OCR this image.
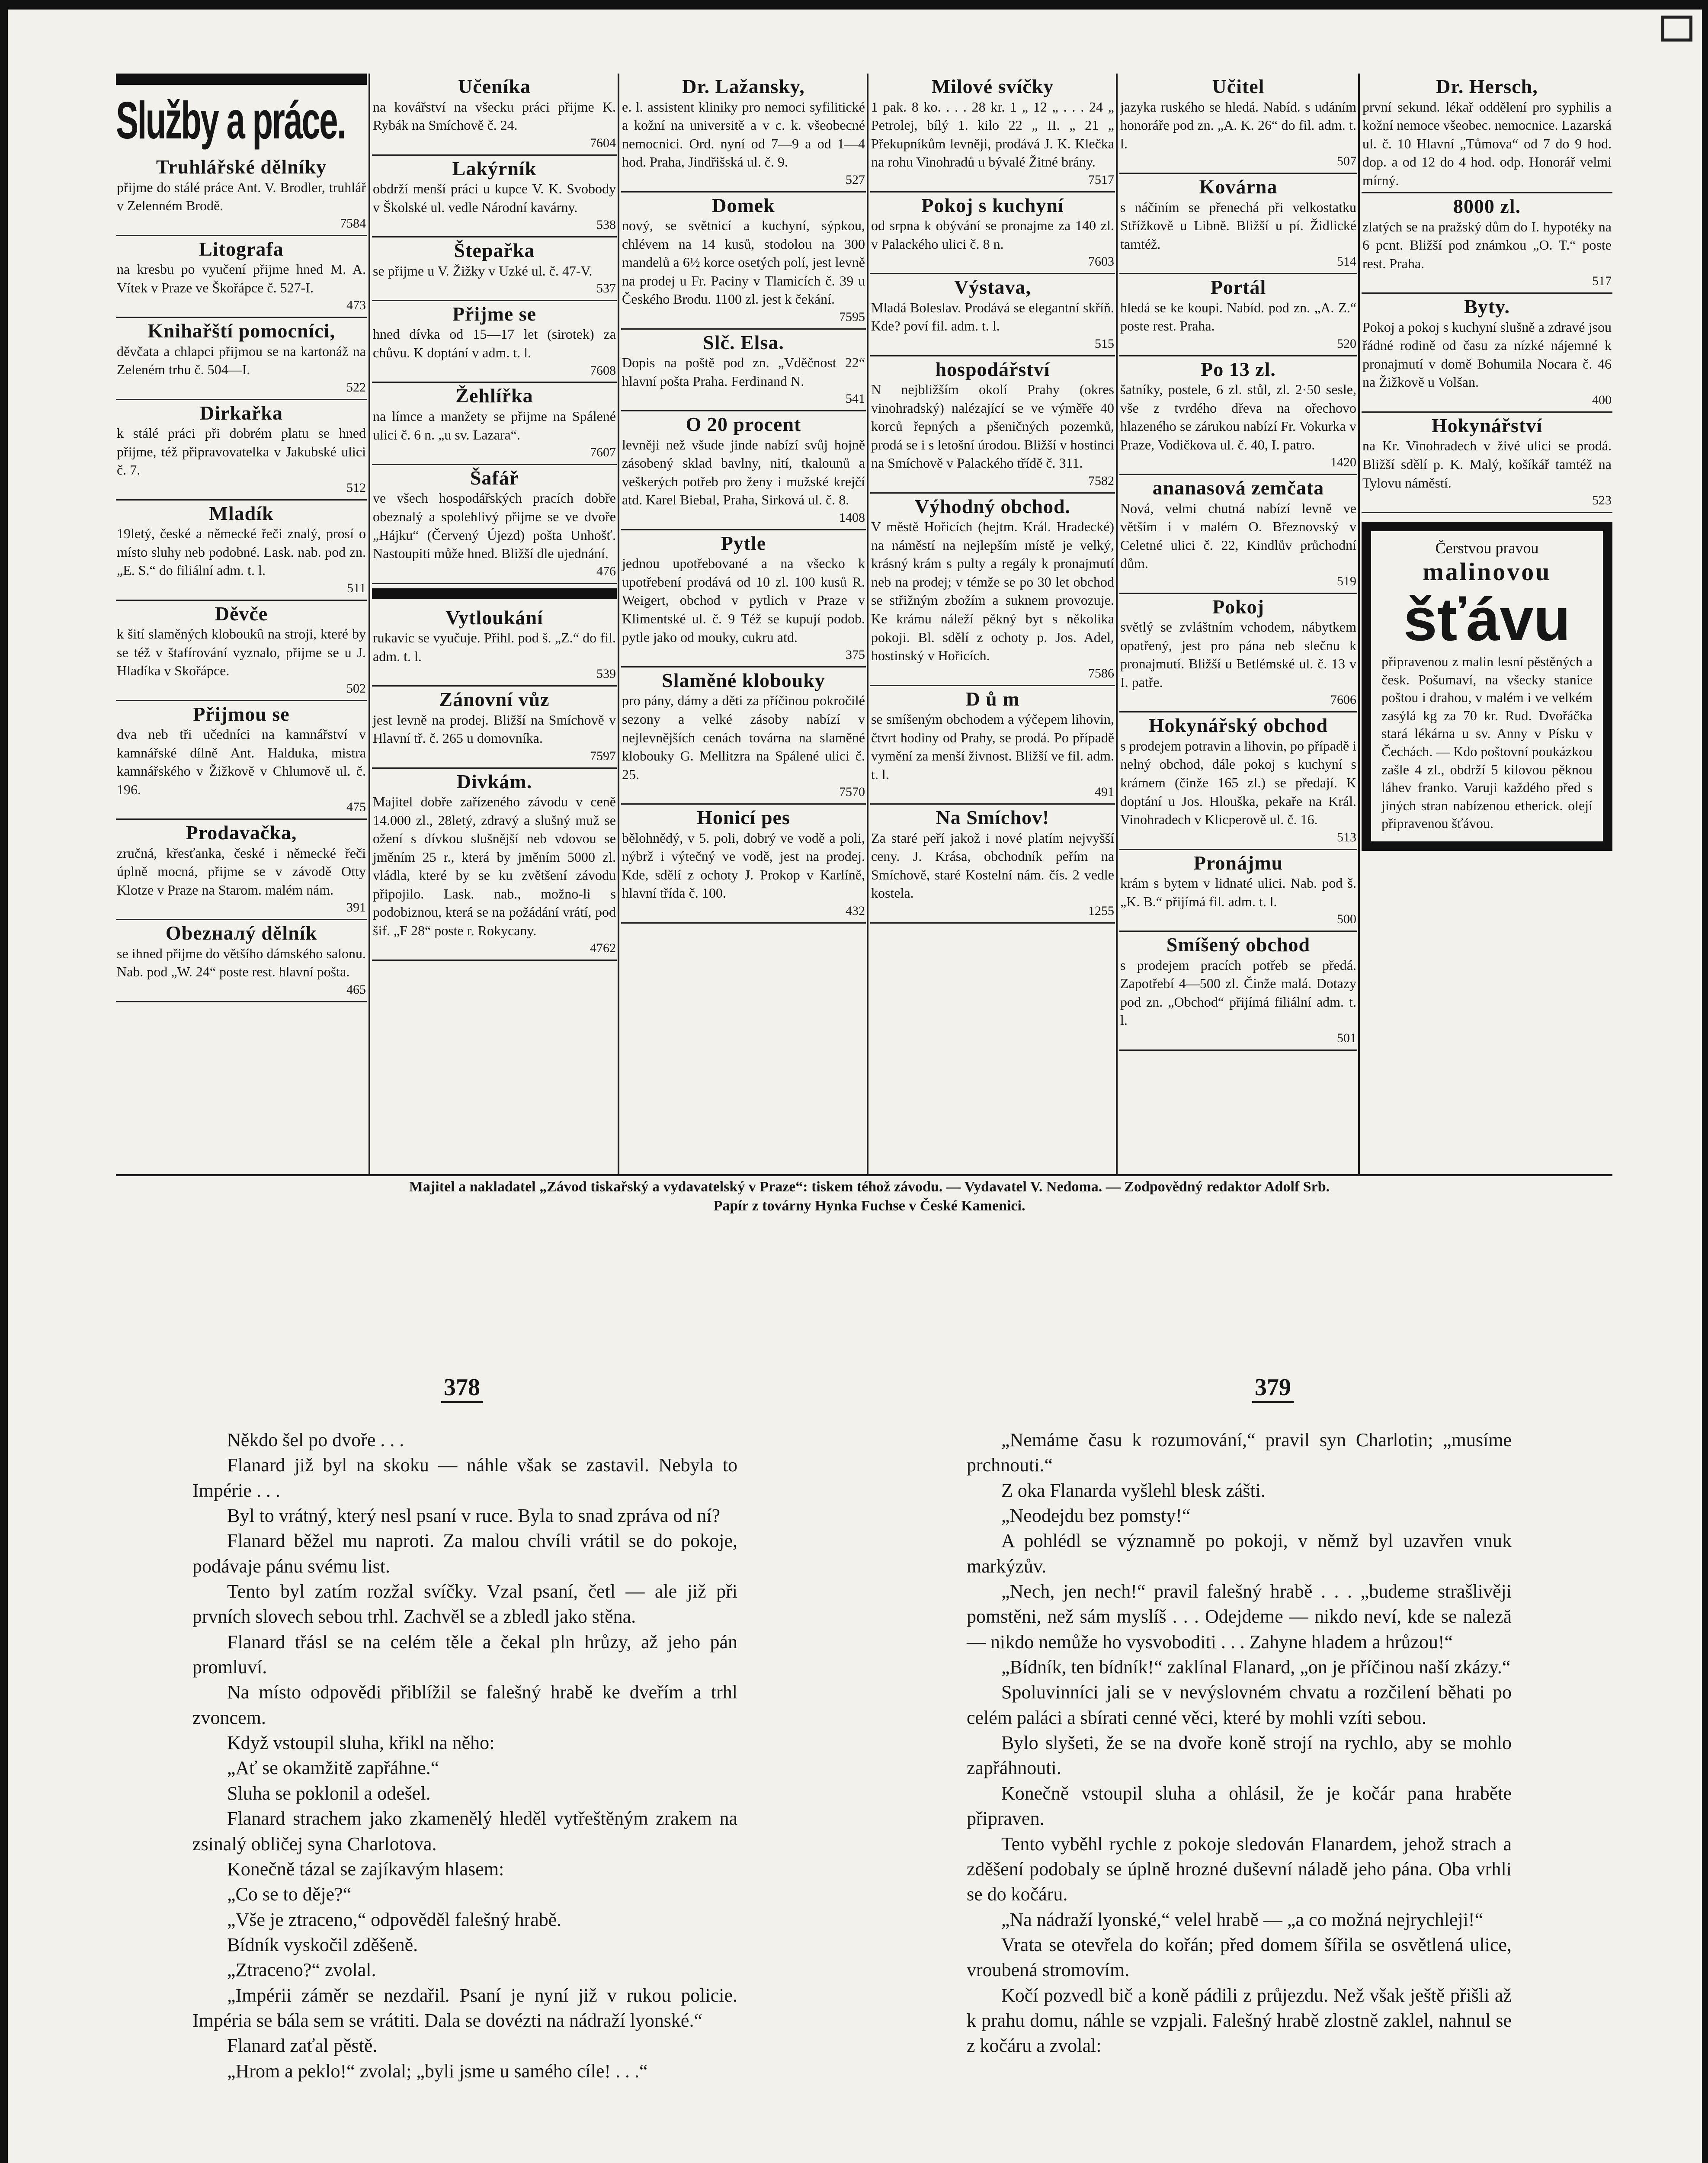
Služby a práce.
Truhlářské dělníky
přijme do stálé práce Ant. V. Brodler, truhlář v Zelenném Brodě.
7584
Litografa
na kresbu po vyučení přijme hned M. A. Vítek v Praze ve Škořápce č. 527-I.
473
Knihařští pomocníci,
děvčata a chlapci přijmou se na kartonáž na Zeleném trhu č. 504—I.
522
Dirkařka
k stálé práci při dobrém platu se hned přijme, též připravovatelka v Jakubské ulici č. 7.
512
Mladík
19letý, české a německé řeči znalý, prosí o místo sluhy neb podobné. Lask. nab. pod zn. „E. S.“ do filiální adm. t. l.
511
Děvče
k šití slaměných kloboukû na stroji, které by se též v štafírování vyznalo, přijme se u J. Hladíka v Skořápce.
502
Přijmou se
dva neb tři učedníci na kamnářství v kamnářské dílně Ant. Halduka, mistra kamnářského v Žižkově v Chlumově ul. č. 196.
475
Prodavačka,
zručná, křesťanka, české i německé řeči úplně mocná, přijme se v závodě Otty Klotze v Praze na Starom. malém nám.
391
Obezналý dělník
se ihned přijme do většího dámského salonu. Nab. pod „W. 24“ poste rest. hlavní pošta.
465
Učeníka
na kovářství na všecku práci přijme K. Rybák na Smíchově č. 24.
7604
Lakýrník
obdrží menší práci u kupce V. K. Svobody v Školské ul. vedle Národní kavárny.
538
Štepařka
se přijme u V. Žižky v Uzké ul. č. 47-V.
537
Přijme se
hned dívka od 15—17 let (sirotek) za chůvu. K doptání v adm. t. l.
7608
Žehlířka
na límce a manžety se přijme na Spálené ulici č. 6 n. „u sv. Lazara“.
7607
Šafář
ve všech hospodářských pracích dobře obeznalý a spolehlivý přijme se ve dvoře „Hájku“ (Červený Újezd) pošta Unhošť. Nastoupiti může hned. Bližší dle ujednání.
476
Vytloukání
rukavic se vyučuje. Přihl. pod š. „Z.“ do fil. adm. t. l.
539
Zánovní vůz
jest levně na prodej. Bližší na Smíchově v Hlavní tř. č. 265 u domovníka.
7597
Divkám.
Majitel dobře zařízeného závodu v ceně 14.000 zl., 28letý, zdravý a slušný muž se ožení s dívkou slušnější neb vdovou se jměním 25 r., která by jměním 5000 zl. vládla, které by se ku zvětšení závodu připojilo. Lask. nab., možno-li s podobiznou, která se na požádání vrátí, pod šif. „F 28“ poste r. Rokycany.
4762
Dr. Lažansky,
e. l. assistent kliniky pro nemoci syfilitické a kožní na universitě a v c. k. všeobecné nemocnici. Ord. nyní od 7—9 a od 1—4 hod. Praha, Jindřišská ul. č. 9.
527
Domek
nový, se světnicí a kuchyní, sýpkou, chlévem na 14 kusů, stodolou na 300 mandelů a 6½ korce osetých polí, jest levně na prodej u Fr. Paciny v Tlamicích č. 39 u Českého Brodu. 1100 zl. jest k čekání.
7595
Slč. Elsa.
Dopis na poště pod zn. „Vděčnost 22“ hlavní pošta Praha. Ferdinand N.
541
O 20 procent
levněji než všude jinde nabízí svůj hojně zásobený sklad bavlny, nití, tkalounů a veškerých potřeb pro ženy i mužské krejčí atd. Karel Biebal, Praha, Sirková ul. č. 8.
1408
Pytle
jednou upotřebované a na všecko k upotřebení prodává od 10 zl. 100 kusů R. Weigert, obchod v pytlich v Praze v Klimentské ul. č. 9 Též se kupují podob. pytle jako od mouky, cukru atd.
375
Slaměné klobouky
pro pány, dámy a děti za příčinou pokročilé sezony a velké zásoby nabízí v nejlevnějších cenách továrna na slaměné klobouky G. Mellitzra na Spálené ulici č. 25.
7570
Honicí pes
bělohnědý, v 5. poli, dobrý ve vodě a poli, nýbrž i výtečný ve vodě, jest na prodej. Kde, sdělí z ochoty J. Prokop v Karlíně, hlavní třída č. 100.
432
Milové svíčky
1 pak. 8 ko. . . . 28 kr. 1 „ 12 „ . . . 24 „ Petrolej, bílý 1. kilo 22 „ II. „ 21 „ Překupníkům levněji, prodává J. K. Klečka na rohu Vinohradů u bývalé Žitné brány.
7517
Pokoj s kuchyní
od srpna k obývání se pronajme za 140 zl. v Palackého ulici č. 8 n.
7603
Výstava,
Mladá Boleslav. Prodává se elegantní skříň. Kde? poví fil. adm. t. l.
515
hospodářství
N nejbližším okolí Prahy (okres vinohradský) nalézající se ve výměře 40 korců řepných a pšeničných pozemků, prodá se i s letošní úrodou. Bližší v hostinci na Smíchově v Palackého třídě č. 311.
7582
Výhodný obchod.
V městě Hořicích (hejtm. Král. Hradecké) na náměstí na nejlepším místě je velký, krásný krám s pulty a regály k pronajmutí neb na prodej; v témže se po 30 let obchod se střižným zbožím a suknem provozuje. Ke krámu náleží pěkný byt s několika pokoji. Bl. sdělí z ochoty p. Jos. Adel, hostinský v Hořicích.
7586
D ů m
se smíšeným obchodem a výčepem lihovin, čtvrt hodiny od Prahy, se prodá. Po případě vymění za menší živnost. Bližší ve fil. adm. t. l.
491
Na Smíchov!
Za staré peří jakož i nové platím nejvyšší ceny. J. Krása, obchodník peřím na Smíchově, staré Kostelní nám. čís. 2 vedle kostela.
1255
Učitel
jazyka ruského se hledá. Nabíd. s udáním honoráře pod zn. „A. K. 26“ do fil. adm. t. l.
507
Kovárna
s náčiním se přenechá při velkostatku Střížkově u Libně. Bližší u pí. Židlické tamtéž.
514
Portál
hledá se ke koupi. Nabíd. pod zn. „A. Z.“ poste rest. Praha.
520
Po 13 zl.
šatníky, postele, 6 zl. stůl, zl. 2·50 sesle, vše z tvrdého dřeva na ořechovo hlazeného se zárukou nabízí Fr. Vokurka v Praze, Vodičkova ul. č. 40, I. patro.
1420
ananasová zemčata
Nová, velmi chutná nabízí levně ve větším i v malém O. Březnovský v Celetné ulici č. 22, Kindlův průchodní dům.
519
Pokoj
světlý se zvláštním vchodem, nábytkem opatřený, jest pro pána neb slečnu k pronajmutí. Bližší u Betlémské ul. č. 13 v I. patře.
7606
Hokynářský obchod
s prodejem potravin a lihovin, po případě i nelný obchod, dále pokoj s kuchyní s krámem (činže 165 zl.) se předají. K doptání u Jos. Hlouška, pekaře na Král. Vinohradech v Klicperově ul. č. 16.
513
Pronájmu
krám s bytem v lidnaté ulici. Nab. pod š. „K. B.“ přijímá fil. adm. t. l.
500
Smíšený obchod
s prodejem pracích potřeb se předá. Zapotřebí 4—500 zl. Činže malá. Dotazy pod zn. „Obchod“ přijímá filiální adm. t. l.
501
Dr. Hersch,
první sekund. lékař oddělení pro syphilis a kožní nemoce všeobec. nemocnice. Lazarská ul. č. 10 Hlavní „Tůmova“ od 7 do 9 hod. dop. a od 12 do 4 hod. odp. Honorář velmi mírný.
8000 zl.
zlatých se na pražský dům do I. hypotéky na 6 pcnt. Bližší pod známkou „O. T.“ poste rest. Praha.
517
Byty.
Pokoj a pokoj s kuchyní slušně a zdravé jsou řádné rodině od času za nízké nájemné k pronajmutí v domě Bohumila Nocara č. 46 na Žižkově u Volšan.
400
Hokynářství
na Kr. Vinohradech v živé ulici se prodá. Bližší sdělí p. K. Malý, košíkář tamtéž na Tylovu náměstí.
523
Čerstvou pravou
malinovou
šťávu
připravenou z malin lesní pěstěných a česk. Pošumaví, na všecky stanice poštou i drahou, v malém i ve velkém zasýlá kg za 70 kr. Rud. Dvořáčka stará lékárna u sv. Anny v Písku v Čechách. — Kdo poštovní poukázkou zašle 4 zl., obdrží 5 kilovou pěknou láhev franko. Varuji každého před s jiných stran nabízenou etherick. olejí připravenou šťávou.
Majitel a nakladatel „Závod tiskařský a vydavatelský v Praze“: tiskem téhož závodu. — Vydavatel V. Nedoma. — Zodpovědný redaktor Adolf Srb.
Papír z továrny Hynka Fuchse v České Kamenici.
378	379

Někdo šel po dvoře . . .

Flanard již byl na skoku — náhle však se zastavil. Nebyla to Impérie . . .

Byl to vrátný, který nesl psaní v ruce. Byla to snad zpráva od ní?

Flanard běžel mu naproti. Za malou chvíli vrátil se do pokoje, podávaje pánu svému list.

Tento byl zatím rozžal svíčky. Vzal psaní, četl — ale již při prvních slovech sebou trhl. Zachvěl se a zbledl jako stěna.

Flanard třásl se na celém těle a čekal pln hrůzy, až jeho pán promluví.

Na místo odpovědi přiblížil se falešný hrabě ke dveřím a trhl zvoncem.

Když vstoupil sluha, křikl na něho:

„Ať se okamžitě zapřáhne.“

Sluha se poklonil a odešel.

Flanard strachem jako zkamenělý hleděl vytřeštěným zrakem na zsinalý obličej syna Charlotova.

Konečně tázal se zajíkavým hlasem:

„Co se to děje?“

„Vše je ztraceno,“ odpověděl falešný hrabě.

Bídník vyskočil zděšeně.

„Ztraceno?“ zvolal.

„Impérii záměr se nezdařil. Psaní je nyní již v rukou policie. Impéria se bála sem se vrátiti. Dala se dovézti na nádraží lyonské.“

Flanard zaťal pěstě.

„Hrom a peklo!“ zvolal; „byli jsme u samého cíle! . . .“

„Nemáme času k rozumování,“ pravil syn Charlotin; „musíme prchnouti.“

Z oka Flanarda vyšlehl blesk zášti.

„Neodejdu bez pomsty!“

A pohlédl se významně po pokoji, v němž byl uzavřen vnuk markýzův.

„Nech, jen nech!“ pravil falešný hrabě . . . „budeme strašlivěji pomstěni, než sám myslíš . . . Odejdeme — nikdo neví, kde se naleză — nikdo nemůže ho vysvoboditi . . . Zahyne hladem a hrůzou!“

„Bídník, ten bídník!“ zaklínal Flanard, „on je příčinou naší zkázy.“

Spoluvinníci jali se v nevýslovném chvatu a rozčilení běhati po celém paláci a sbírati cenné věci, které by mohli vzíti sebou.

Bylo slyšeti, že se na dvoře koně strojí na rychlo, aby se mohlo zapřáhnouti.

Konečně vstoupil sluha a ohlásil, že je kočár pana hraběte připraven.

Tento vyběhl rychle z pokoje sledován Flanardem, jehož strach a zděšení podobaly se úplně hrozné duševní náladě jeho pána. Oba vrhli se do kočáru.

„Na nádraží lyonské,“ velel hrabě — „a co možná nejrychleji!“

Vrata se otevřela do kořán; před domem šířila se osvětlená ulice, vroubená stromovím.

Kočí pozvedl bič a koně pádili z průjezdu. Než však ještě přišli až k prahu domu, náhle se vzpjali. Falešný hrabě zlostně zaklel, nahnul se z kočáru a zvolal:
